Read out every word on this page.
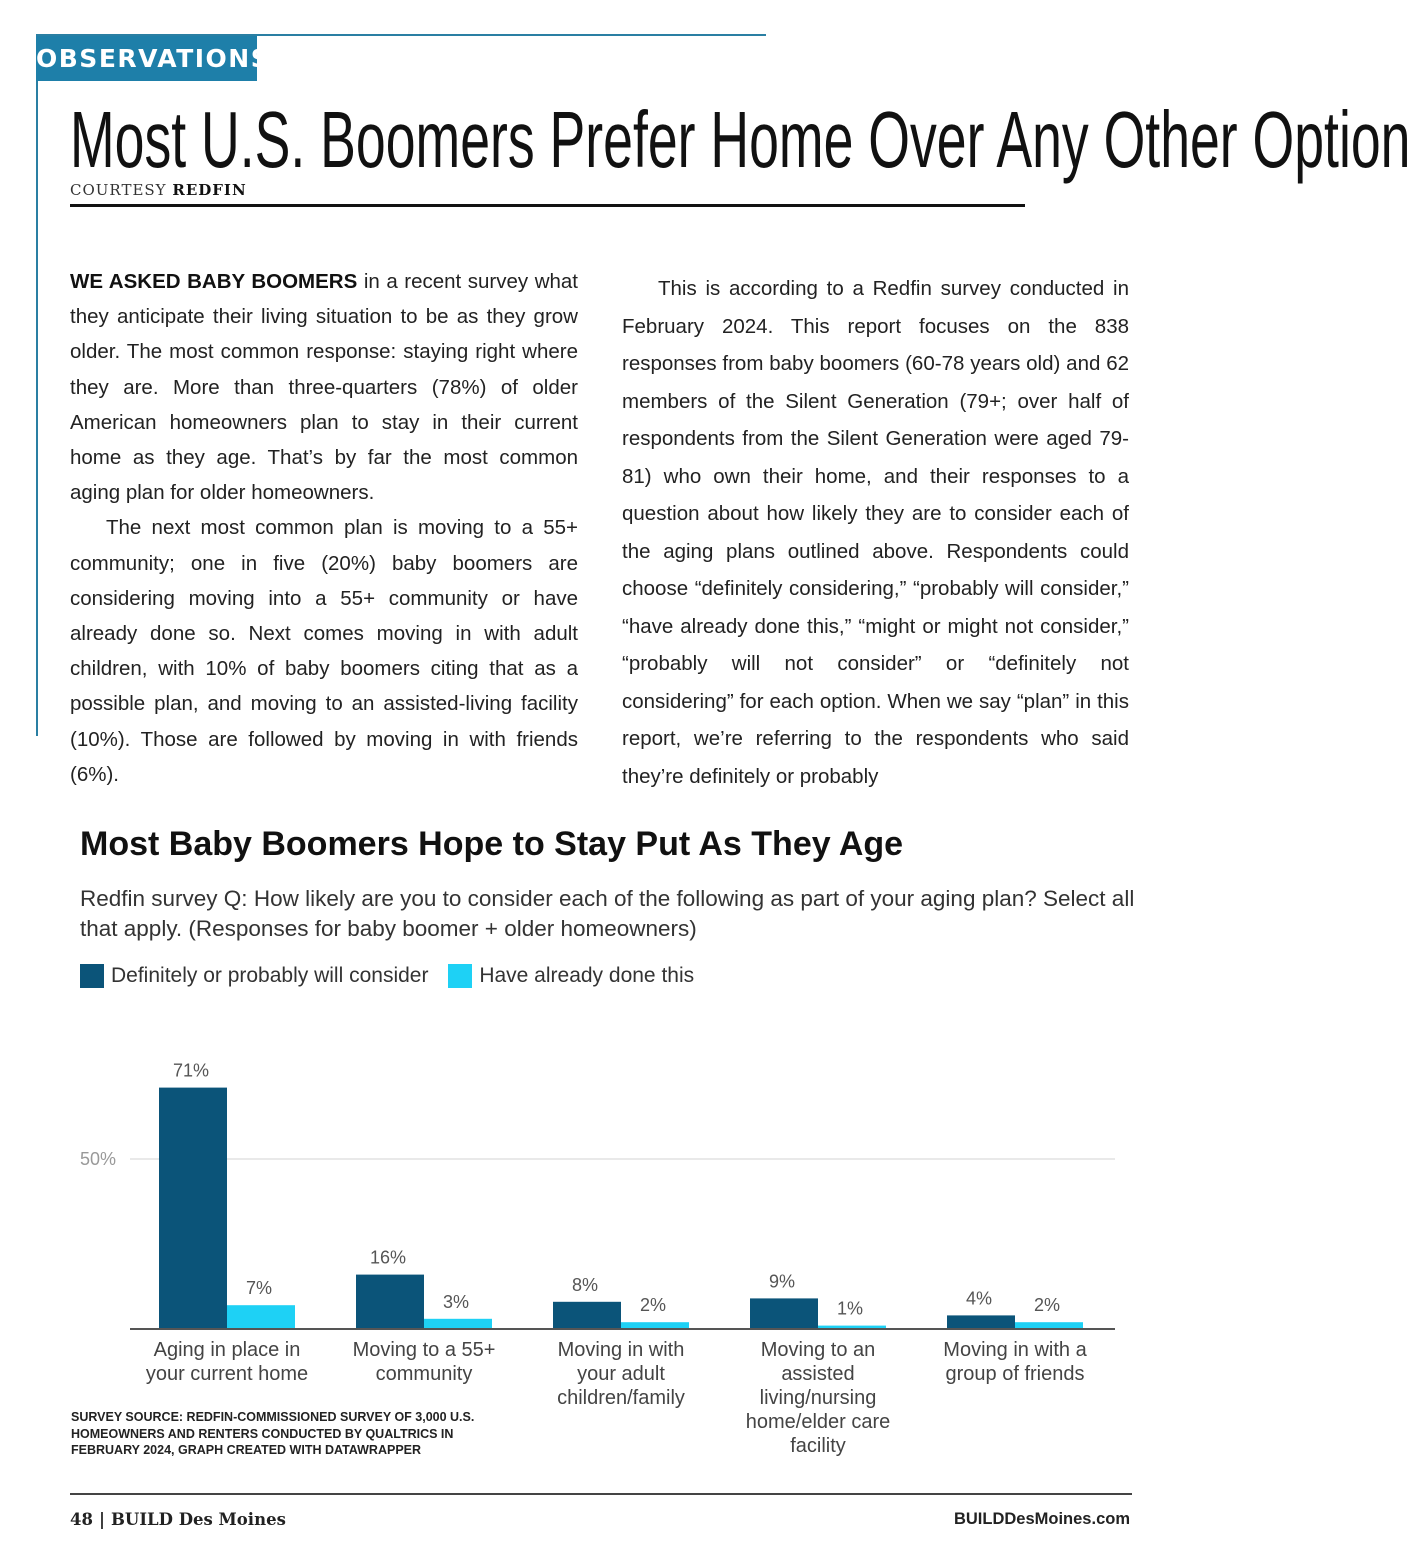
OBSERVATIONS
Most U.S. Boomers Prefer Home Over Any Other Option
COURTESY REDFIN

WE ASKED BABY BOOMERS in a recent survey what they anticipate their living situation to be as they grow older. The most common response: staying right where they are. More than three-quarters (78%) of older American homeowners plan to stay in their current home as they age. That’s by far the most common aging plan for older homeowners.

The next most common plan is moving to a 55+ community; one in five (20%) baby boomers are considering moving into a 55+ community or have already done so. Next comes moving in with adult children, with 10% of baby boomers citing that as a possible plan, and moving to an assisted-living facility (10%). Those are followed by moving in with friends (6%).

This is according to a Redfin survey conducted in February 2024. This report focuses on the 838 responses from baby boomers (60-78 years old) and 62 members of the Silent Generation (79+; over half of respondents from the Silent Generation were aged 79-81) who own their home, and their responses to a question about how likely they are to consider each of the aging plans outlined above. Respondents could choose “definitely considering,” “probably will consider,” “have already done this,” “might or might not consider,” “probably will not consider” or “definitely not considering” for each option. When we say “plan” in this report, we’re referring to the respondents who said they’re definitely or probably

Most Baby Boomers Hope to Stay Put As They Age
Redfin survey Q: How likely are you to consider each of the following as part of your aging plan? Select all that apply. (Responses for baby boomer + older homeowners)
Definitely or probably will consider
Have already done this
50%
71%
7%
Aging in place in
your current home
16%
3%
Moving to a 55+
community
8%
2%
Moving in with
your adult
children/family
9%
1%
Moving to an
assisted
living/nursing
home/elder care
facility
4% 2%
Moving in with a
group of friends
SURVEY SOURCE: REDFIN-COMMISSIONED SURVEY OF 3,000 U.S. HOMEOWNERS AND RENTERS CONDUCTED BY QUALTRICS IN FEBRUARY 2024, GRAPH CREATED WITH DATAWRAPPER
48 | BUILD Des Moines	BUILDDesMoines.com
